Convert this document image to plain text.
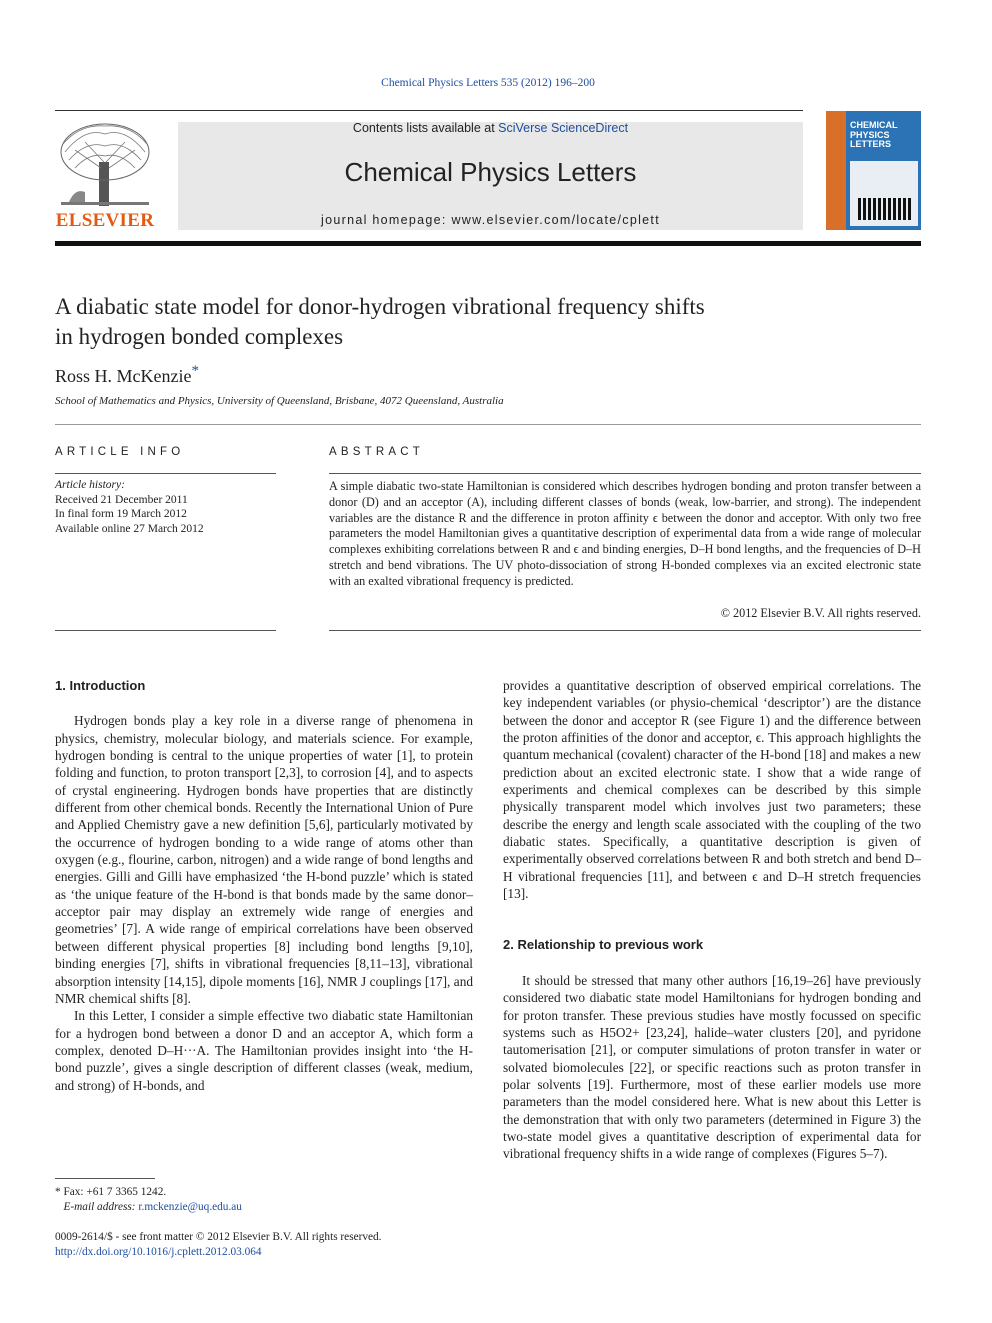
Chemical Physics Letters 535 (2012) 196–200
ELSEVIER
Contents lists available at SciVerse ScienceDirect
Chemical Physics Letters
journal homepage: www.elsevier.com/locate/cplett
CHEMICAL
PHYSICS
LETTERS
A diabatic state model for donor-hydrogen vibrational frequency shifts
in hydrogen bonded complexes
Ross H. McKenzie*
School of Mathematics and Physics, University of Queensland, Brisbane, 4072 Queensland, Australia
ARTICLE INFO	ABSTRACT
Article history:
Received 21 December 2011
In final form 19 March 2012
Available online 27 March 2012
A simple diabatic two-state Hamiltonian is considered which describes hydrogen bonding and proton transfer between a donor (D) and an acceptor (A), including different classes of bonds (weak, low-barrier, and strong). The independent variables are the distance R and the difference in proton affinity ϵ between the donor and acceptor. With only two free parameters the model Hamiltonian gives a quantitative description of experimental data from a wide range of molecular complexes exhibiting correlations between R and ϵ and binding energies, D–H bond lengths, and the frequencies of D–H stretch and bend vibrations. The UV photo-dissociation of strong H-bonded complexes via an excited electronic state with an exalted vibrational frequency is predicted.
© 2012 Elsevier B.V. All rights reserved.
1. Introduction

Hydrogen bonds play a key role in a diverse range of phenomena in physics, chemistry, molecular biology, and materials science. For example, hydrogen bonding is central to the unique properties of water [1], to protein folding and function, to proton transport [2,3], to corrosion [4], and to aspects of crystal engineering. Hydrogen bonds have properties that are distinctly different from other chemical bonds. Recently the International Union of Pure and Applied Chemistry gave a new definition [5,6], particularly motivated by the occurrence of hydrogen bonding to a wide range of atoms other than oxygen (e.g., flourine, carbon, nitrogen) and a wide range of bond lengths and energies. Gilli and Gilli have emphasized ‘the H-bond puzzle’ which is stated as ‘the unique feature of the H-bond is that bonds made by the same donor–acceptor pair may display an extremely wide range of energies and geometries’ [7]. A wide range of empirical correlations have been observed between different physical properties [8] including bond lengths [9,10], binding energies [7], shifts in vibrational frequencies [8,11–13], vibrational absorption intensity [14,15], dipole moments [16], NMR J couplings [17], and NMR chemical shifts [8].

In this Letter, I consider a simple effective two diabatic state Hamiltonian for a hydrogen bond between a donor D and an acceptor A, which form a complex, denoted D–H···A. The Hamiltonian provides insight into ‘the H-bond puzzle’, gives a single description of different classes (weak, medium, and strong) of H-bonds, and

provides a quantitative description of observed empirical correlations. The key independent variables (or physio-chemical ‘descriptor’) are the distance between the donor and acceptor R (see Figure 1) and the difference between the proton affinities of the donor and acceptor, ϵ. This approach highlights the quantum mechanical (covalent) character of the H-bond [18] and makes a new prediction about an excited electronic state. I show that a wide range of experiments and chemical complexes can be described by this simple physically transparent model which involves just two parameters; these describe the energy and length scale associated with the coupling of the two diabatic states. Specifically, a quantitative description is given of experimentally observed correlations between R and both stretch and bend D–H vibrational frequencies [11], and between ϵ and D–H stretch frequencies [13].

2. Relationship to previous work

It should be stressed that many other authors [16,19–26] have previously considered two diabatic state model Hamiltonians for hydrogen bonding and for proton transfer. These previous studies have mostly focussed on specific systems such as H5O2+ [23,24], halide–water clusters [20], and pyridone tautomerisation [21], or computer simulations of proton transfer in water or solvated biomolecules [22], or specific reactions such as proton transfer in polar solvents [19]. Furthermore, most of these earlier models use more parameters than the model considered here. What is new about this Letter is the demonstration that with only two parameters (determined in Figure 3) the two-state model gives a quantitative description of experimental data for vibrational frequency shifts in a wide range of complexes (Figures 5–7).

* Fax: +61 7 3365 1242.
E-mail address: r.mckenzie@uq.edu.au
0009-2614/$ - see front matter © 2012 Elsevier B.V. All rights reserved.
http://dx.doi.org/10.1016/j.cplett.2012.03.064
